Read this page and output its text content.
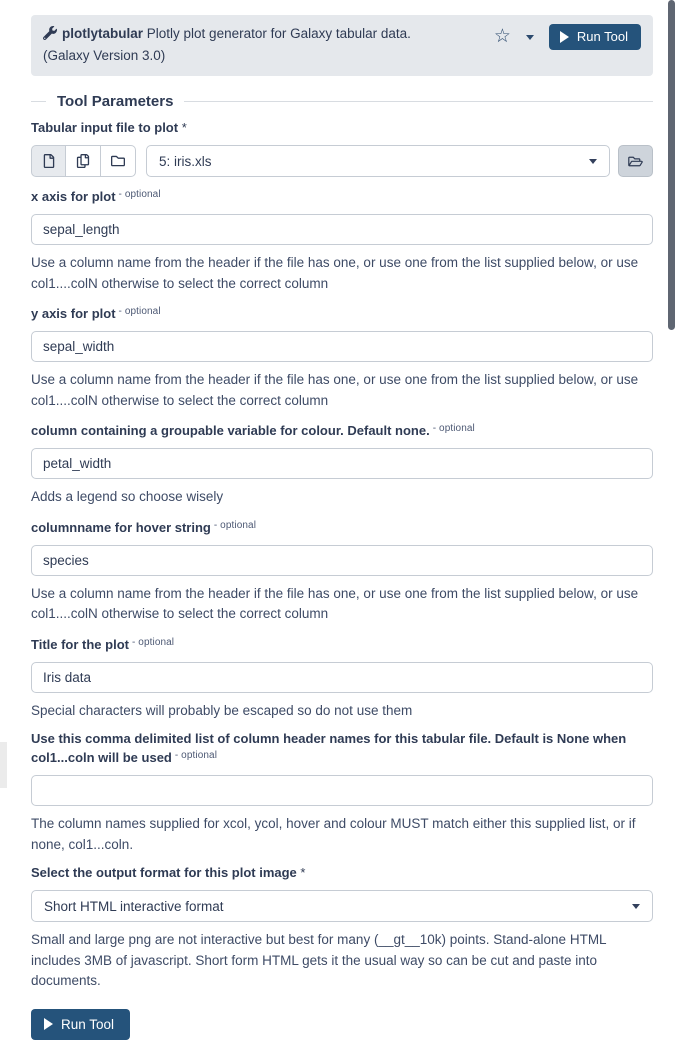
plotlytabular Plotly plot generator for Galaxy tabular data.
(Galaxy Version 3.0)
☆	Run Tool
Tool Parameters
Tabular input file to plot *
5: iris.xls
x axis for plot $^{- optional}$
sepal_length
Use a column name from the header if the file has one, or use one from the list supplied below, or use col1....colN otherwise to select the correct column
y axis for plot $^{- optional}$
sepal_width
Use a column name from the header if the file has one, or use one from the list supplied below, or use col1....colN otherwise to select the correct column
column containing a groupable variable for colour. Default none. $^{- optional}$
petal_width
Adds a legend so choose wisely
columnname for hover string $^{- optional}$
species
Use a column name from the header if the file has one, or use one from the list supplied below, or use col1....colN otherwise to select the correct column
Title for the plot $^{- optional}$
Iris data
Special characters will probably be escaped so do not use them
Use this comma delimited list of column header names for this tabular file. Default is None when col1...coln will be used $^{- optional}$
The column names supplied for xcol, ycol, hover and colour MUST match either this supplied list, or if none, col1...coln.
Select the output format for this plot image *
Short HTML interactive format
Small and large png are not interactive but best for many (__gt__10k) points. Stand-alone HTML includes 3MB of javascript. Short form HTML gets it the usual way so can be cut and paste into documents.
Run Tool
